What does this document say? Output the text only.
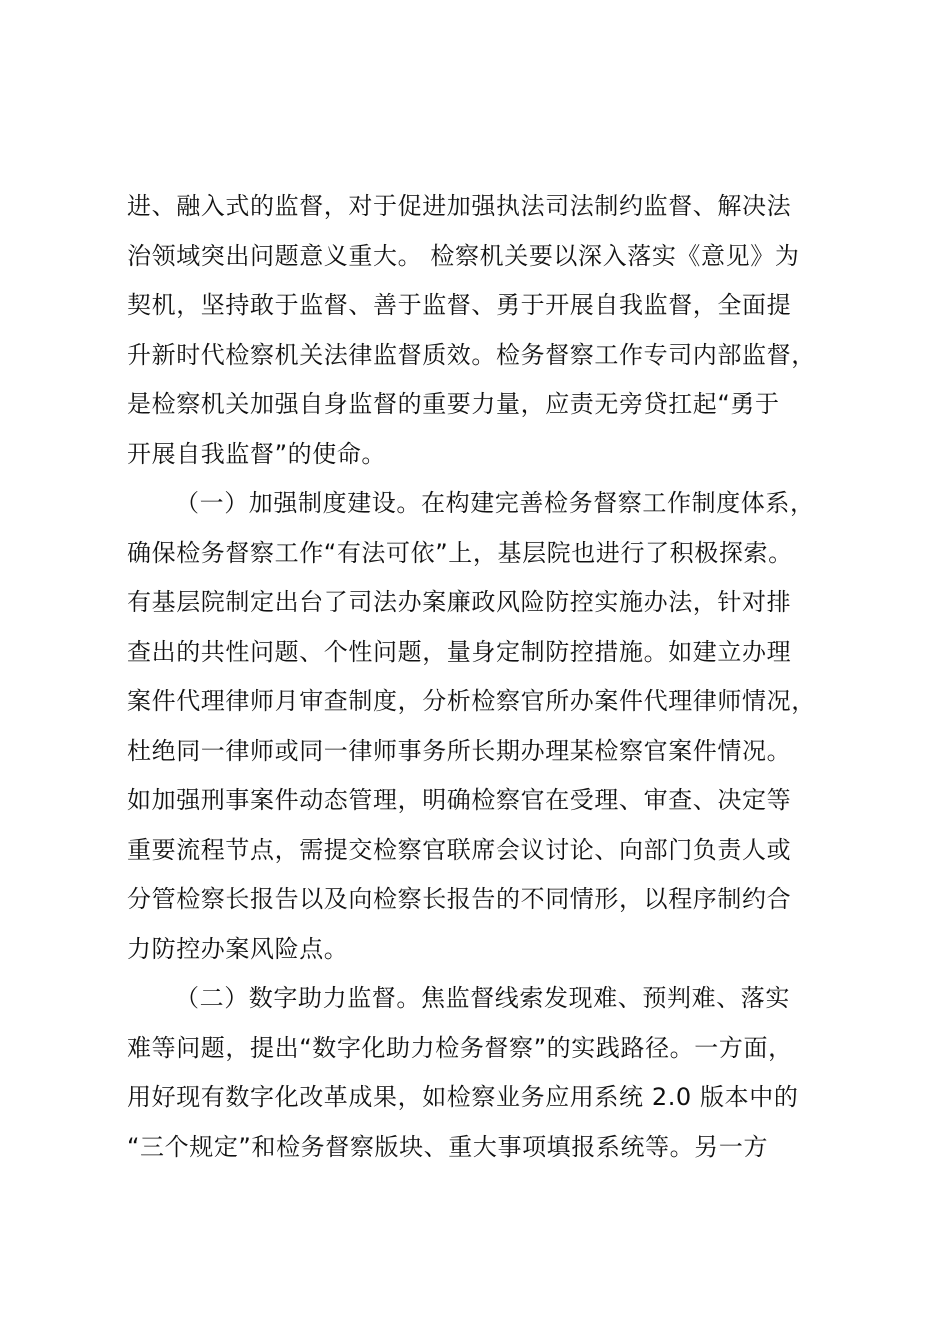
进、融入式的监督，对于促进加强执法司法制约监督、解决法
治领域突出问题意义重大。 检察机关要以深入落实《意见》为
契机，坚持敢于监督、善于监督、勇于开展自我监督，全面提
升新时代检察机关法律监督质效。检务督察工作专司内部监督，
是检察机关加强自身监督的重要力量，应责无旁贷扛起“勇于
开展自我监督”的使命。
（一）加强制度建设。在构建完善检务督察工作制度体系，
确保检务督察工作“有法可依”上，基层院也进行了积极探索。
有基层院制定出台了司法办案廉政风险防控实施办法，针对排
查出的共性问题、个性问题，量身定制防控措施。如建立办理
案件代理律师月审查制度，分析检察官所办案件代理律师情况，
杜绝同一律师或同一律师事务所长期办理某检察官案件情况。
如加强刑事案件动态管理，明确检察官在受理、审查、决定等
重要流程节点，需提交检察官联席会议讨论、向部门负责人或
分管检察长报告以及向检察长报告的不同情形，以程序制约合
力防控办案风险点。
（二）数字助力监督。焦监督线索发现难、预判难、落实
难等问题，提出“数字化助力检务督察”的实践路径。一方面，
用好现有数字化改革成果，如检察业务应用系统 2.0 版本中的
“三个规定”和检务督察版块、重大事项填报系统等。另一方
